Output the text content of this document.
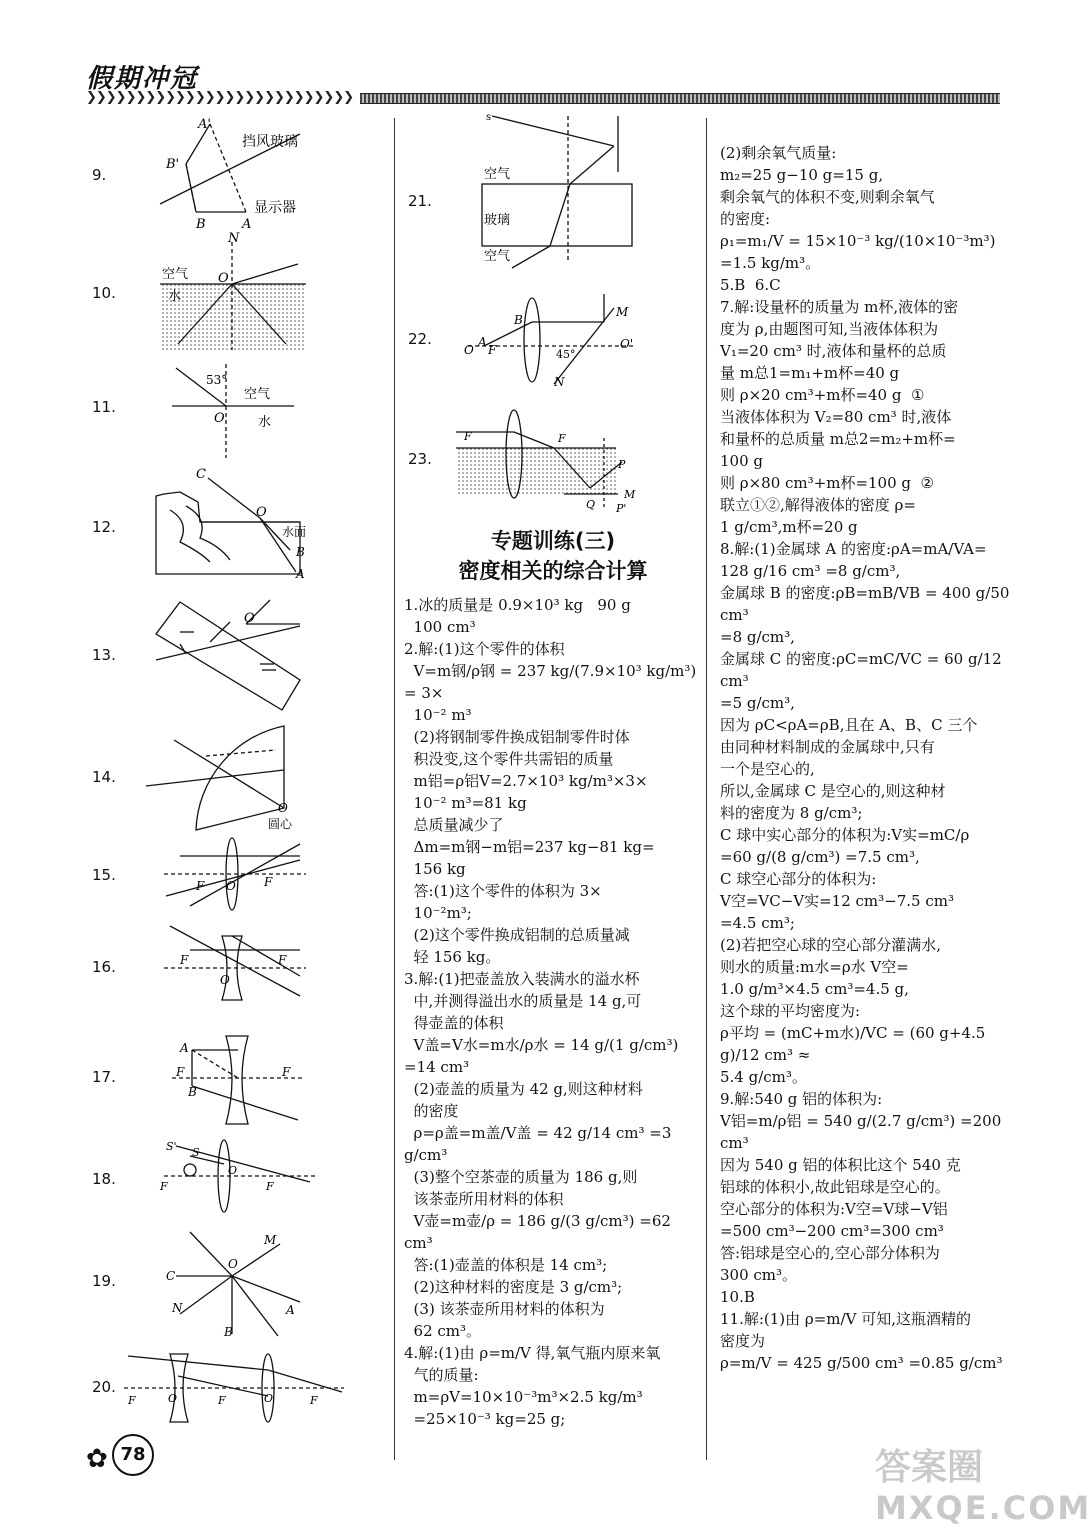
假期冲冠
❯❯❯❯❯❯❯❯❯❯❯❯❯❯❯❯❯❯❯❯❯❯❯❯❯❯❯
9.
A'
B'
B	A
挡风玻璃
显示器
10.
N
O
空气
水
11.
53°
空气
O	水
12.
C
O
水面
B
A
13.
O
14.
O
圆心
15.
F O F
16.	F
O
F
17.
A
F
B
F
18.
S' S
F
O
F
19.
M
O
C
N	A
B
20.
F	O	F	O	F
21.
s
空气
玻璃
空气
22.
B
O
A
F	45°
M
O'
N
23.
F	F
P
M
Q P'
专题训练(三)
密度相关的综合计算

1.冰的质量是 0.9×10³ kg   90 g

100 cm³

2.解:(1)这个零件的体积

V=m钢/ρ钢 = 237 kg/(7.9×10³ kg/m³) = 3×

10⁻² m³

(2)将钢制零件换成铝制零件时体

积没变,这个零件共需铝的质量

m铝=ρ铝V=2.7×10³ kg/m³×3×

10⁻² m³=81 kg

总质量减少了

Δm=m钢−m铝=237 kg−81 kg=

156 kg

答:(1)这个零件的体积为 3×

10⁻²m³;

(2)这个零件换成铝制的总质量减

轻 156 kg。

3.解:(1)把壶盖放入装满水的溢水杯

中,并测得溢出水的质量是 14 g,可

得壶盖的体积

V盖=V水=m水/ρ水 = 14 g/(1 g/cm³) =14 cm³

(2)壶盖的质量为 42 g,则这种材料

的密度

ρ=ρ盖=m盖/V盖 = 42 g/14 cm³ =3 g/cm³

(3)整个空茶壶的质量为 186 g,则

该茶壶所用材料的体积

V壶=m壶/ρ = 186 g/(3 g/cm³) =62 cm³

答:(1)壶盖的体积是 14 cm³;

(2)这种材料的密度是 3 g/cm³;

(3) 该茶壶所用材料的体积为

62 cm³。

4.解:(1)由 ρ=m/V 得,氧气瓶内原来氧

气的质量:

m=ρV=10×10⁻³m³×2.5 kg/m³

=25×10⁻³ kg=25 g;

(2)剩余氧气质量:

m₂=25 g−10 g=15 g,

剩余氧气的体积不变,则剩余氧气

的密度:

ρ₁=m₁/V = 15×10⁻³ kg/(10×10⁻³m³) =1.5 kg/m³。

5.B  6.C

7.解:设量杯的质量为 m杯,液体的密

度为 ρ,由题图可知,当液体体积为

V₁=20 cm³ 时,液体和量杯的总质

量 m总1=m₁+m杯=40 g

则 ρ×20 cm³+m杯=40 g  ①

当液体体积为 V₂=80 cm³ 时,液体

和量杯的总质量 m总2=m₂+m杯=

100 g

则 ρ×80 cm³+m杯=100 g  ②

联立①②,解得液体的密度 ρ=

1 g/cm³,m杯=20 g

8.解:(1)金属球 A 的密度:ρA=mA/VA=

128 g/16 cm³ =8 g/cm³,

金属球 B 的密度:ρB=mB/VB = 400 g/50 cm³

=8 g/cm³,

金属球 C 的密度:ρC=mC/VC = 60 g/12 cm³

=5 g/cm³,

因为 ρC<ρA=ρB,且在 A、B、C 三个

由同种材料制成的金属球中,只有

一个是空心的,

所以,金属球 C 是空心的,则这种材

料的密度为 8 g/cm³;

C 球中实心部分的体积为:V实=mC/ρ

=60 g/(8 g/cm³) =7.5 cm³,

C 球空心部分的体积为:

V空=VC−V实=12 cm³−7.5 cm³

=4.5 cm³;

(2)若把空心球的空心部分灌满水,

则水的质量:m水=ρ水 V空=

1.0 g/m³×4.5 cm³=4.5 g,

这个球的平均密度为:

ρ平均 = (mC+m水)/VC = (60 g+4.5 g)/12 cm³ ≈

5.4 g/cm³。

9.解:540 g 铝的体积为:

V铝=m/ρ铝 = 540 g/(2.7 g/cm³) =200 cm³

因为 540 g 铝的体积比这个 540 克

铝球的体积小,故此铝球是空心的。

空心部分的体积为:V空=V球−V铝

=500 cm³−200 cm³=300 cm³

答:铝球是空心的,空心部分体积为

300 cm³。

10.B

11.解:(1)由 ρ=m/V 可知,这瓶酒精的

密度为

ρ=m/V = 425 g/500 cm³ =0.85 g/cm³

✿ 78	答案圈
MXQE.COM
